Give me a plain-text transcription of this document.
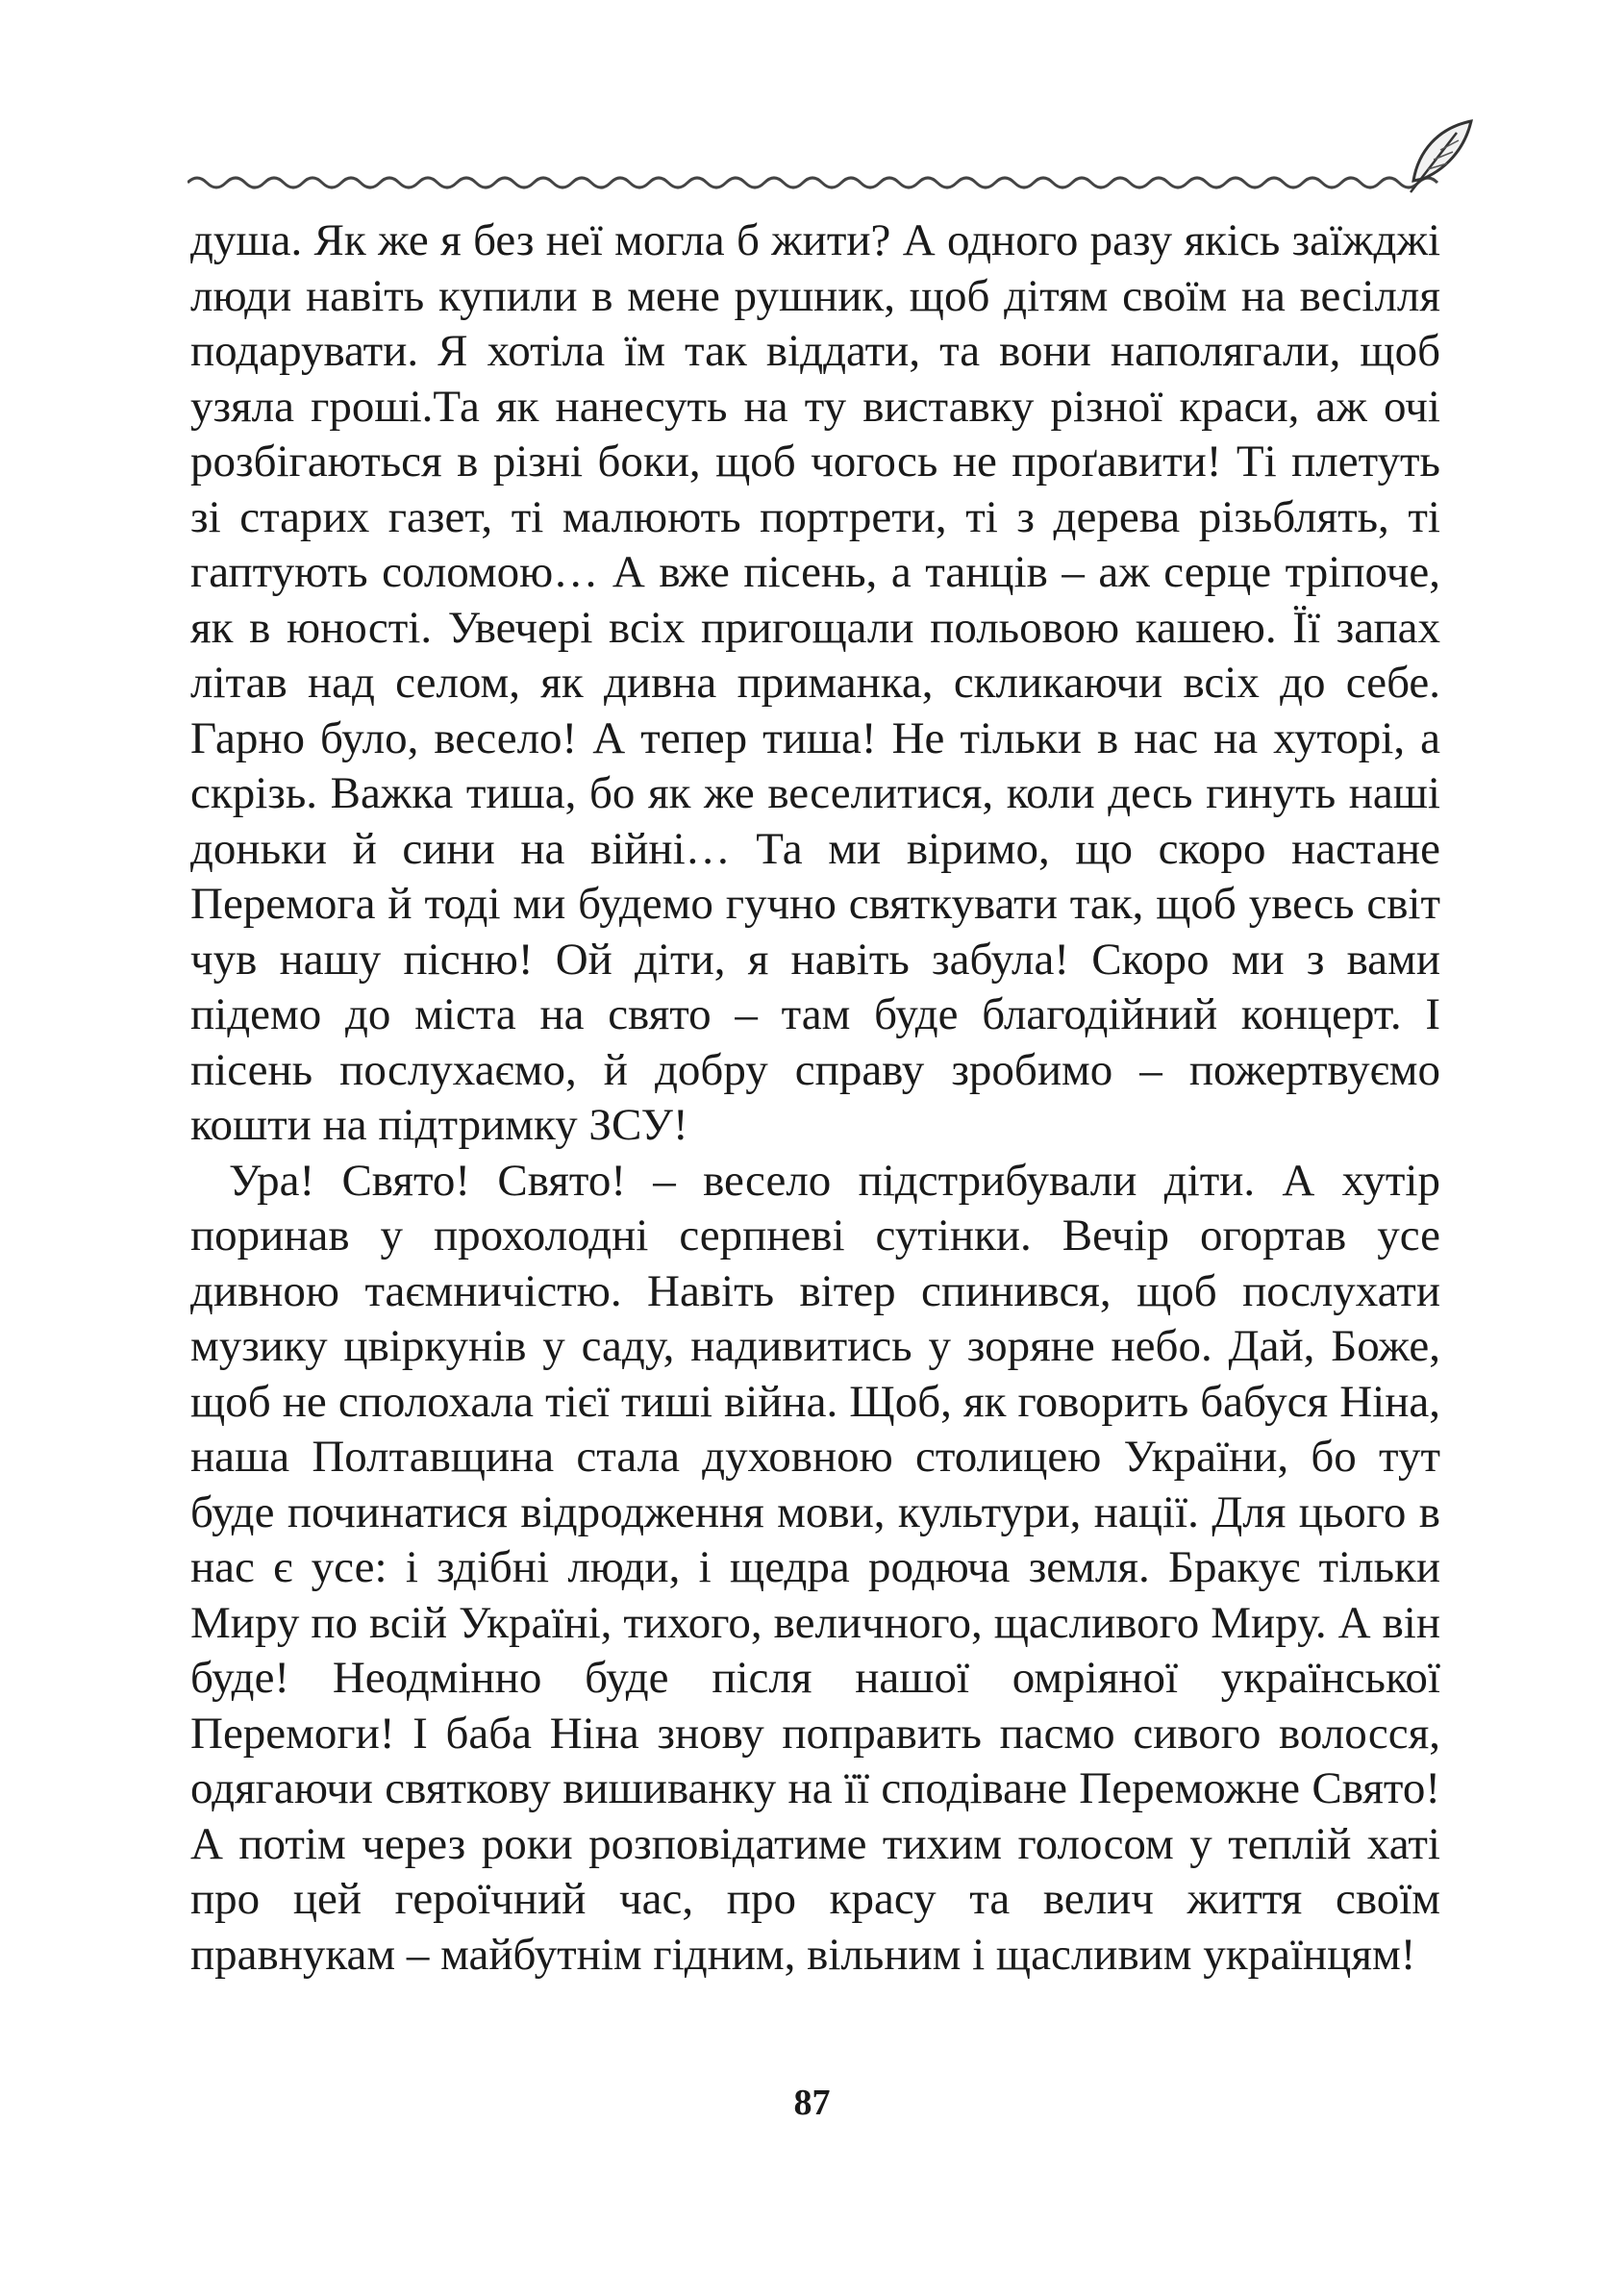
душа. Як же я без неї могла б жити? А одного разу якісь заїжджі люди навіть купили в мене рушник, щоб дітям своїм на весілля подарувати. Я хотіла їм так віддати, та вони наполягали, щоб узяла гроші.Та як нанесуть на ту виставку різної краси, аж очі розбігаються в різні боки, щоб чогось не проґавити! Ті плетуть зі старих газет, ті малюють портрети, ті з дерева різьблять, ті гаптують соломою… А вже пісень, а танців – аж серце тріпоче, як в юності. Увечері всіх пригощали польовою кашею. Її запах літав над селом, як дивна приманка, скликаючи всіх до себе. Гарно було, весело! А тепер тиша! Не тільки в нас на хуторі, а скрізь. Важка тиша, бо як же веселитися, коли десь гинуть наші доньки й сини на війні… Та ми віримо, що скоро настане Перемога й тоді ми будемо гучно святкувати так, щоб увесь світ чув нашу пісню! Ой діти, я навіть забула! Скоро ми з вами підемо до міста на свято – там буде благодійний концерт. І пісень послухаємо, й добру справу зробимо – пожертвуємо кошти на підтримку ЗСУ!

Ура! Свято! Свято! – весело підстрибували діти. А хутір поринав у прохолодні серпневі сутінки. Вечір огортав усе дивною таємничістю. Навіть вітер спинився, щоб послухати музику цвіркунів у саду, надивитись у зоряне небо. Дай, Боже, щоб не сполохала тієї тиші війна. Щоб, як говорить бабуся Ніна, наша Полтавщина стала духовною столицею України, бо тут буде починатися відродження мови, культури, нації. Для цього в нас є усе: і здібні люди, і щедра родюча земля. Бракує тільки Миру по всій Україні, тихого, величного, щасливого Миру. А він буде! Неодмінно буде після нашої омріяної української Перемоги! І баба Ніна знову поправить пасмо сивого волосся, одягаючи святкову вишиванку на її сподіване Переможне Свято! А потім через роки розповідатиме тихим голосом у теплій хаті про цей героїчний час, про красу та велич життя своїм правнукам – майбутнім гідним, вільним і щасливим українцям!

87
